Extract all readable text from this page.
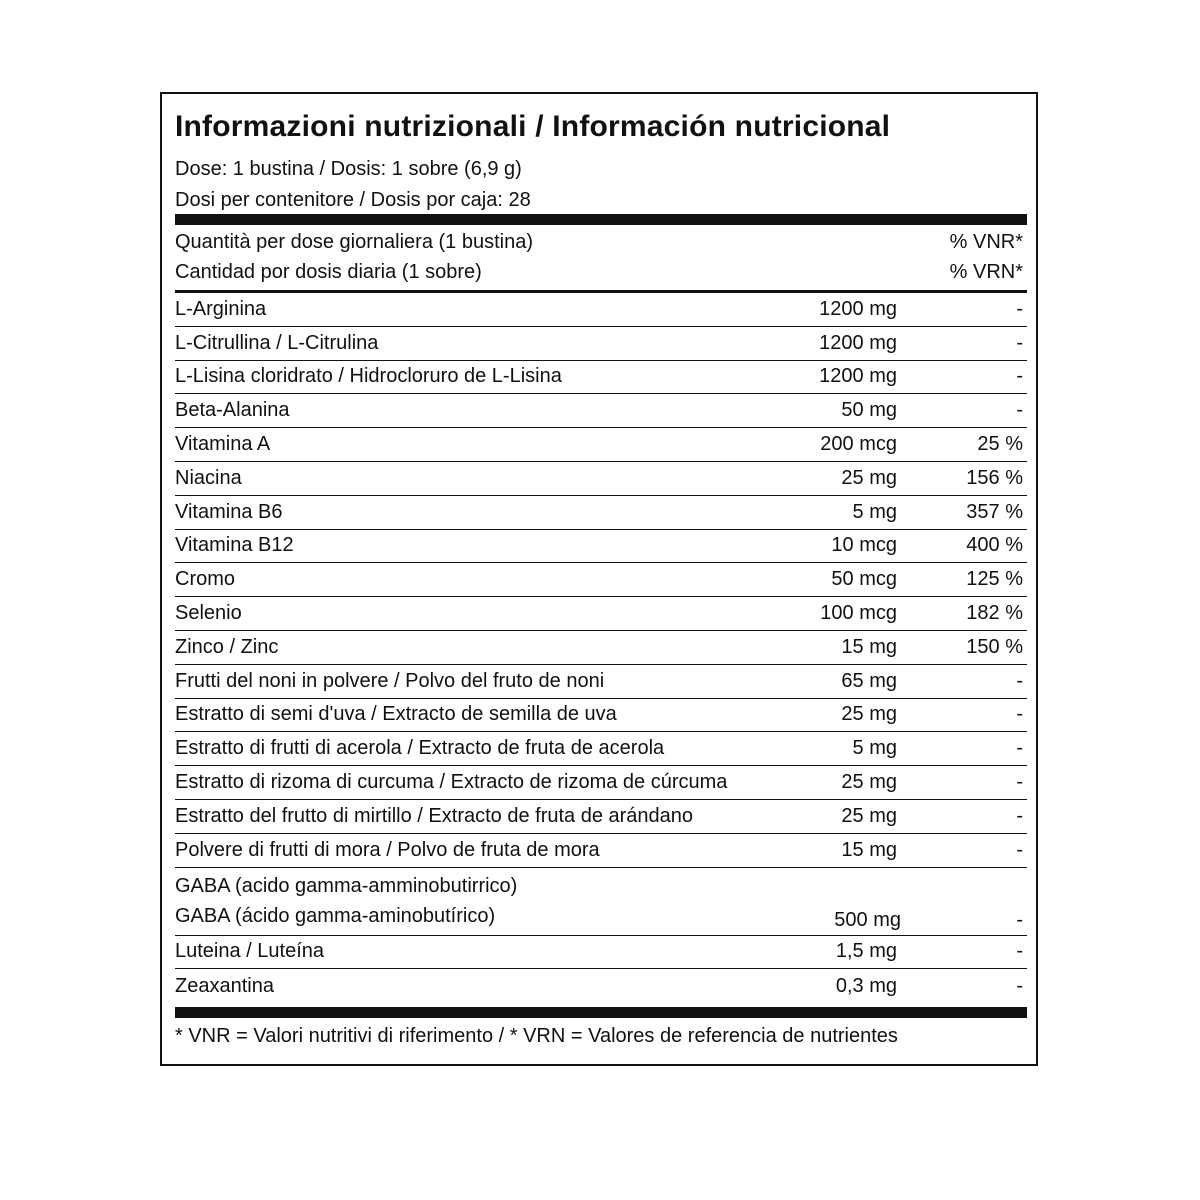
Informazioni nutrizionali / Información nutricional
Dose: 1 bustina / Dosis: 1 sobre (6,9 g)
Dosi per contenitore / Dosis por caja: 28
Quantità per dose giornaliera (1 bustina)	% VNR*
Cantidad por dosis diaria (1 sobre)	% VRN*
L-Arginina	1200 mg	-
L-Citrullina / L-Citrulina	1200 mg	-
L-Lisina cloridrato / Hidrocloruro de L-Lisina	1200 mg	-
Beta-Alanina	50 mg	-
Vitamina A	200 mcg	25 %
Niacina	25 mg	156 %
Vitamina B6	5 mg	357 %
Vitamina B12	10 mcg	400 %
Cromo	50 mcg	125 %
Selenio	100 mcg	182 %
Zinco / Zinc	15 mg	150 %
Frutti del noni in polvere / Polvo del fruto de noni	65 mg	-
Estratto di semi d'uva / Extracto de semilla de uva	25 mg	-
Estratto di frutti di acerola / Extracto de fruta de acerola	5 mg	-
Estratto di rizoma di curcuma / Extracto de rizoma de cúrcuma	25 mg	-
Estratto del frutto di mirtillo / Extracto de fruta de arándano	25 mg	-
Polvere di frutti di mora / Polvo de fruta de mora	15 mg	-
GABA (acido gamma-amminobutirrico)
GABA (ácido gamma-aminobutírico)	500 mg	-
Luteina / Luteína	1,5 mg	-
Zeaxantina	0,3 mg	-
* VNR = Valori nutritivi di riferimento / * VRN = Valores de referencia de nutrientes
